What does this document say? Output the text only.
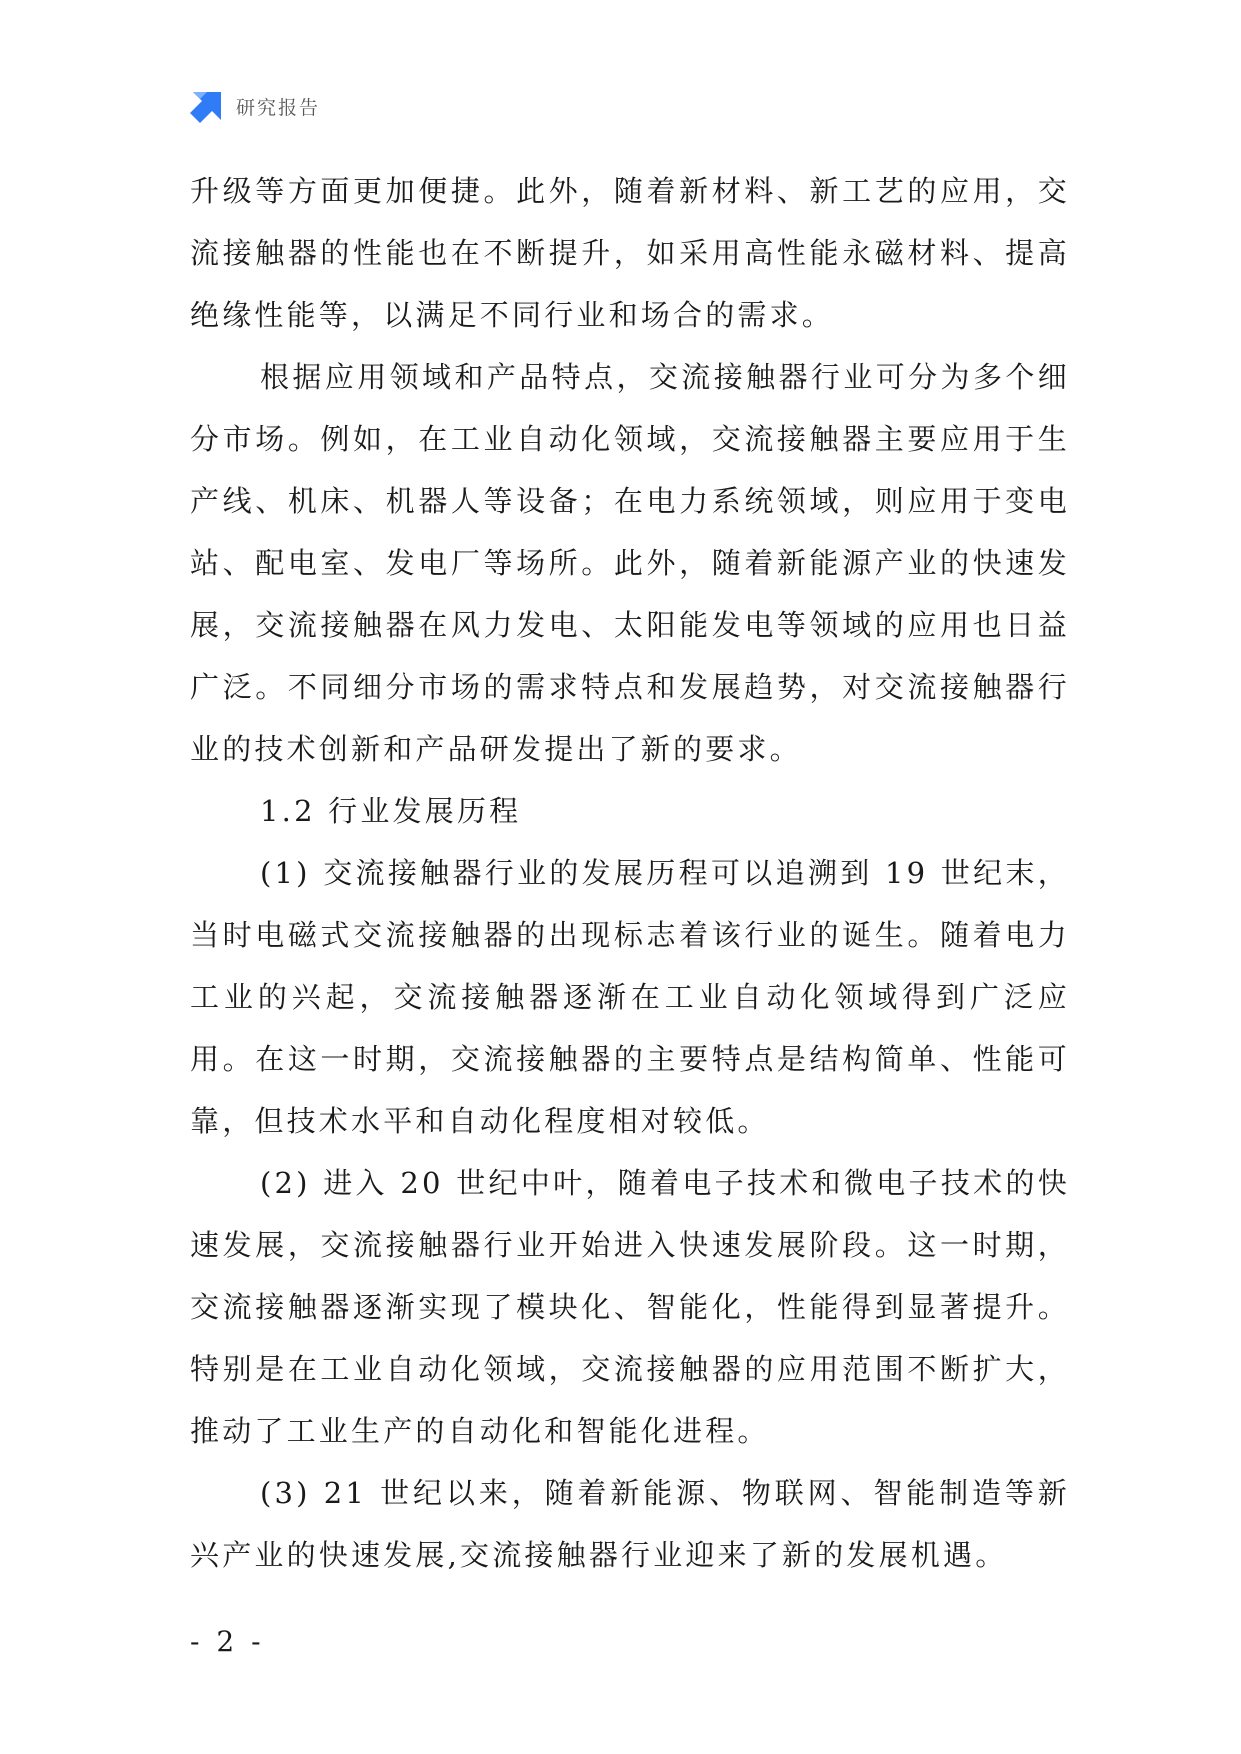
研究报告

升级等方面更加便捷。此外，随着新材料、新工艺的应用，交流接触器的性能也在不断提升，如采用高性能永磁材料、提高绝缘性能等，以满足不同行业和场合的需求。

根据应用领域和产品特点，交流接触器行业可分为多个细分市场。例如，在工业自动化领域，交流接触器主要应用于生产线、机床、机器人等设备；在电力系统领域，则应用于变电站、配电室、发电厂等场所。此外，随着新能源产业的快速发展，交流接触器在风力发电、太阳能发电等领域的应用也日益广泛。不同细分市场的需求特点和发展趋势，对交流接触器行业的技术创新和产品研发提出了新的要求。

1.2 行业发展历程

(1) 交流接触器行业的发展历程可以追溯到 19 世纪末，当时电磁式交流接触器的出现标志着该行业的诞生。随着电力工业的兴起，交流接触器逐渐在工业自动化领域得到广泛应用。在这一时期，交流接触器的主要特点是结构简单、性能可靠，但技术水平和自动化程度相对较低。

(2) 进入 20 世纪中叶，随着电子技术和微电子技术的快速发展，交流接触器行业开始进入快速发展阶段。这一时期，交流接触器逐渐实现了模块化、智能化，性能得到显著提升。特别是在工业自动化领域，交流接触器的应用范围不断扩大，推动了工业生产的自动化和智能化进程。

(3) 21 世纪以来，随着新能源、物联网、智能制造等新兴产业的快速发展,交流接触器行业迎来了新的发展机遇。

- 2 -
